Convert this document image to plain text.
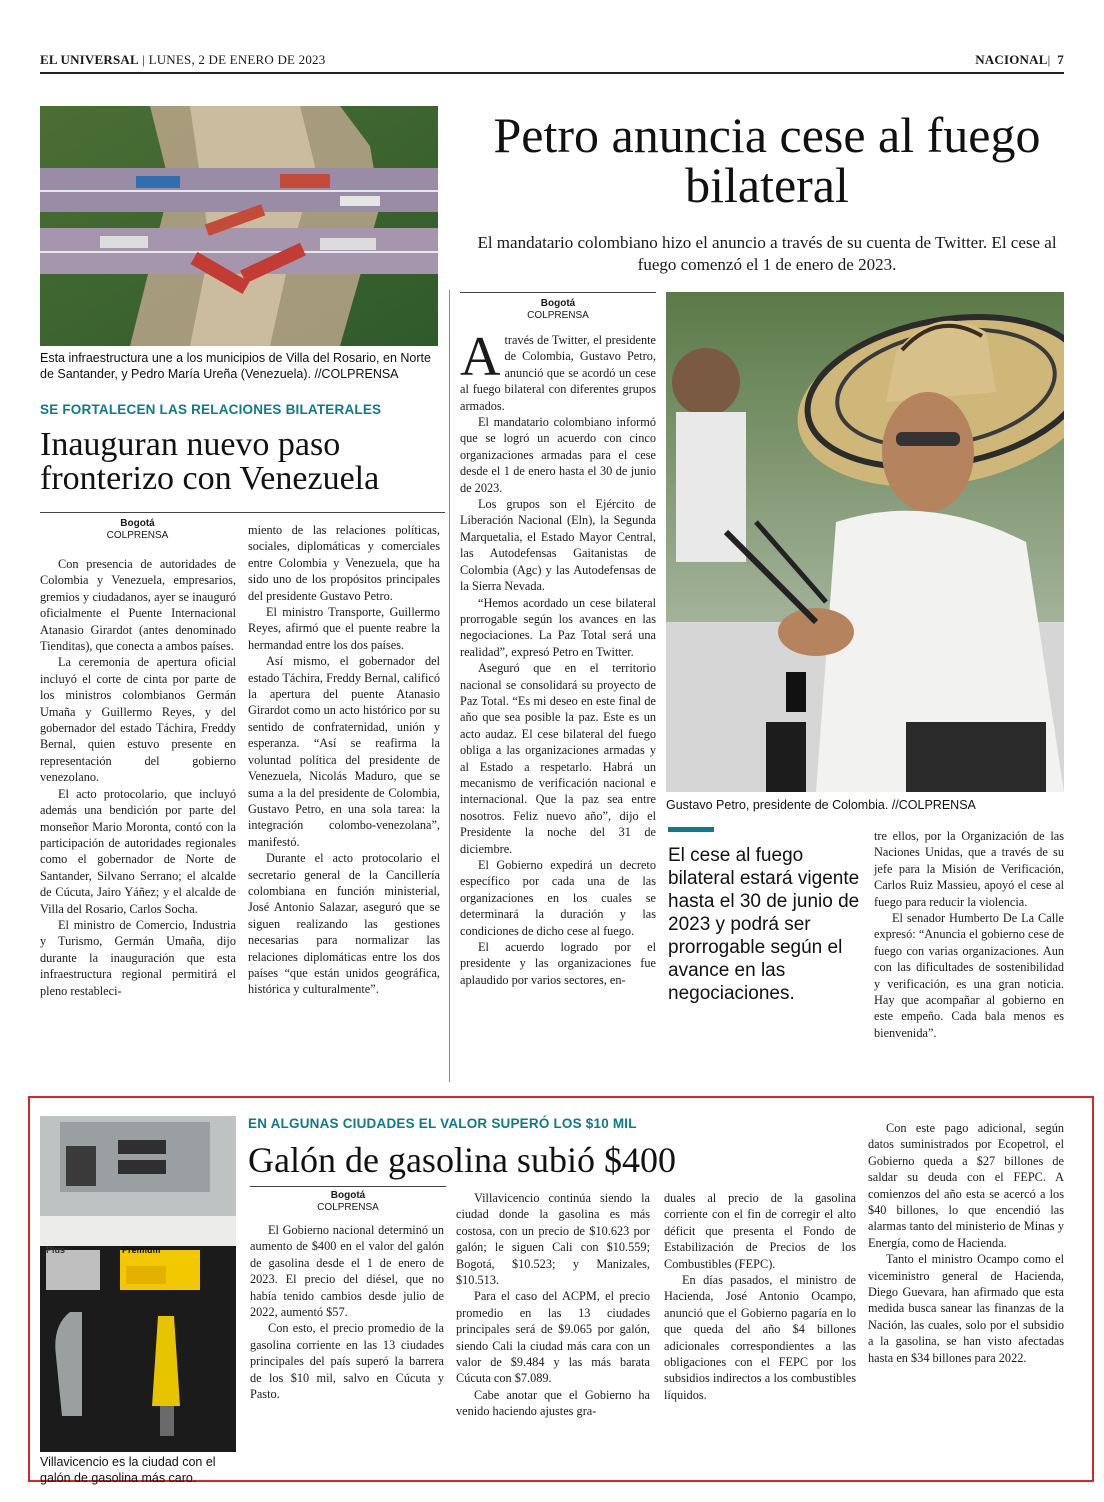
EL UNIVERSAL | LUNES, 2 DE ENERO DE 2023	NACIONAL|  7
Esta infraestructura une a los municipios de Villa del Rosario, en Norte de Santander, y Pedro María Ureña (Venezuela). //COLPRENSA
SE FORTALECEN LAS RELACIONES BILATERALES
Inauguran nuevo paso fronterizo con Venezuela
Bogotá
COLPRENSA

Con presencia de autoridades de Colombia y Venezuela, empresarios, gremios y ciudadanos, ayer se inauguró oficialmente el Puente Internacional Atanasio Girardot (antes denominado Tienditas), que conecta a ambos países.

La ceremonia de apertura oficial incluyó el corte de cinta por parte de los ministros colombianos Germán Umaña y Guillermo Reyes, y del gobernador del estado Táchira, Freddy Bernal, quien estuvo presente en representación del gobierno venezolano.

El acto protocolario, que incluyó además una bendición por parte del monseñor Mario Moronta, contó con la participación de autoridades regionales como el gobernador de Norte de Santander, Silvano Serrano; el alcalde de Cúcuta, Jairo Yáñez; y el alcalde de Villa del Rosario, Carlos Socha.

El ministro de Comercio, Industria y Turismo, Germán Umaña, dijo durante la inauguración que esta infraestructura regional permitirá el pleno restableci-

miento de las relaciones políticas, sociales, diplomáticas y comerciales entre Colombia y Venezuela, que ha sido uno de los propósitos principales del presidente Gustavo Petro.

El ministro Transporte, Guillermo Reyes, afirmó que el puente reabre la hermandad entre los dos países.

Así mismo, el gobernador del estado Táchira, Freddy Bernal, calificó la apertura del puente Atanasio Girardot como un acto histórico por su sentido de confraternidad, unión y esperanza. “Así se reafirma la voluntad política del presidente de Venezuela, Nicolás Maduro, que se suma a la del presidente de Colombia, Gustavo Petro, en una sola tarea: la integración colombo-venezolana”, manifestó.

Durante el acto protocolario el secretario general de la Cancillería colombiana en función ministerial, José Antonio Salazar, aseguró que se siguen realizando las gestiones necesarias para normalizar las relaciones diplomáticas entre los dos países “que están unidos geográfica, histórica y culturalmente”.

Petro anuncia cese al fuego bilateral
El mandatario colombiano hizo el anuncio a través de su cuenta de Twitter. El cese al fuego comenzó el 1 de enero de 2023.
Bogotá
COLPRENSA

Através de Twitter, el presidente de Colombia, Gustavo Petro, anunció que se acordó un cese al fuego bilateral con diferentes grupos armados.

El mandatario colombiano informó que se logró un acuerdo con cinco organizaciones armadas para el cese desde el 1 de enero hasta el 30 de junio de 2023.

Los grupos son el Ejército de Liberación Nacional (Eln), la Segunda Marquetalia, el Estado Mayor Central, las Autodefensas Gaitanistas de Colombia (Agc) y las Autodefensas de la Sierra Nevada.

“Hemos acordado un cese bilateral prorrogable según los avances en las negociaciones. La Paz Total será una realidad”, expresó Petro en Twitter.

Aseguró que en el territorio nacional se consolidará su proyecto de Paz Total. “Es mi deseo en este final de año que sea posible la paz. Este es un acto audaz. El cese bilateral del fuego obliga a las organizaciones armadas y al Estado a respetarlo. Habrá un mecanismo de verificación nacional e internacional. Que la paz sea entre nosotros. Feliz nuevo año”, dijo el Presidente la noche del 31 de diciembre.

El Gobierno expedirá un decreto específico por cada una de las organizaciones en los cuales se determinará la duración y las condiciones de dicho cese al fuego.

El acuerdo logrado por el presidente y las organizaciones fue aplaudido por varios sectores, en-

Gustavo Petro, presidente de Colombia. //COLPRENSA
El cese al fuego bilateral estará vigente hasta el 30 de junio de 2023 y podrá ser prorrogable según el avance en las negociaciones.

tre ellos, por la Organización de las Naciones Unidas, que a través de su jefe para la Misión de Verificación, Carlos Ruiz Massieu, apoyó el cese al fuego para reducir la violencia.

El senador Humberto De La Calle expresó: “Anuncia el gobierno cese de fuego con varias organizaciones. Aun con las dificultades de sostenibilidad y verificación, es una gran noticia. Hay que acompañar al gobierno en este empeño. Cada bala menos es bienvenida”.

Plus	Premium
Villavicencio es la ciudad con el galón de gasolina más caro.
EN ALGUNAS CIUDADES EL VALOR SUPERÓ LOS $10 MIL
Galón de gasolina subió $400
Bogotá
COLPRENSA

El Gobierno nacional determinó un aumento de $400 en el valor del galón de gasolina desde el 1 de enero de 2023. El precio del diésel, que no había tenido cambios desde julio de 2022, aumentó $57.

Con esto, el precio promedio de la gasolina corriente en las 13 ciudades principales del país superó la barrera de los $10 mil, salvo en Cúcuta y Pasto.

Villavicencio continúa siendo la ciudad donde la gasolina es más costosa, con un precio de $10.623 por galón; le siguen Cali con $10.559; Bogotá, $10.523; y Manizales, $10.513.

Para el caso del ACPM, el precio promedio en las 13 ciudades principales será de $9.065 por galón, siendo Cali la ciudad más cara con un valor de $9.484 y las más barata Cúcuta con $7.089.

Cabe anotar que el Gobierno ha venido haciendo ajustes gra-

duales al precio de la gasolina corriente con el fin de corregir el alto déficit que presenta el Fondo de Estabilización de Precios de los Combustibles (FEPC).

En días pasados, el ministro de Hacienda, José Antonio Ocampo, anunció que el Gobierno pagaría en lo que queda del año $4 billones adicionales correspondientes a las obligaciones con el FEPC por los subsidios indirectos a los combustibles líquidos.

Con este pago adicional, según datos suministrados por Ecopetrol, el Gobierno queda a $27 billones de saldar su deuda con el FEPC. A comienzos del año esta se acercó a los $40 billones, lo que encendió las alarmas tanto del ministerio de Minas y Energía, como de Hacienda.

Tanto el ministro Ocampo como el viceministro general de Hacienda, Diego Guevara, han afirmado que esta medida busca sanear las finanzas de la Nación, las cuales, solo por el subsidio a la gasolina, se han visto afectadas hasta en $34 billones para 2022.
